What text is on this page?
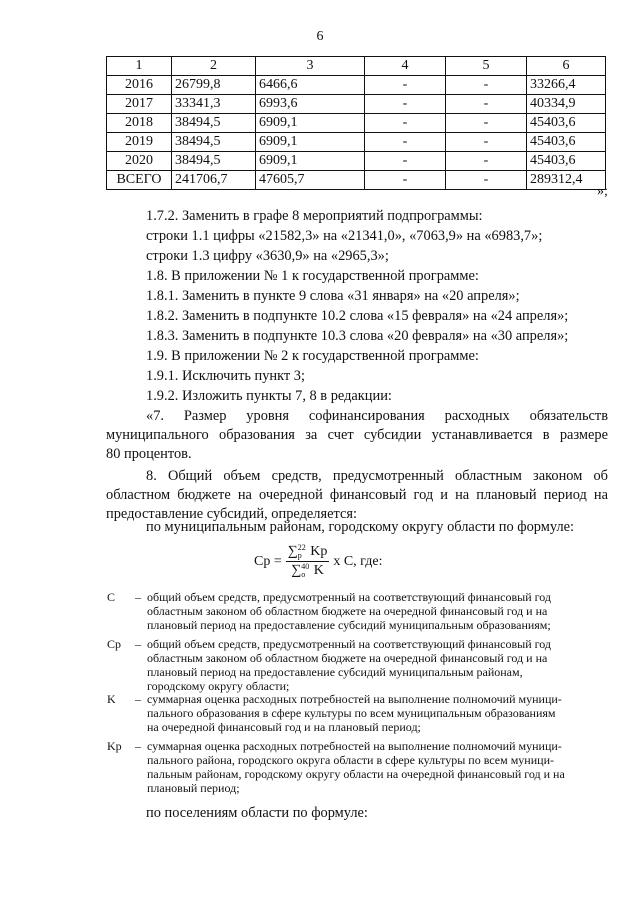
6
1	2	3	4	5	6
2016	26799,8	6466,6	-	-	33266,4
2017	33341,3	6993,6	-	-	40334,9
2018	38494,5	6909,1	-	-	45403,6
2019	38494,5	6909,1	-	-	45403,6
2020	38494,5	6909,1	-	-	45403,6
ВСЕГО	241706,7	47605,7	-	-	289312,4
»;
1.7.2. Заменить в графе 8 мероприятий подпрограммы:
строки 1.1 цифры «21582,3» на «21341,0», «7063,9» на «6983,7»;
строки 1.3 цифру «3630,9» на «2965,3»;
1.8. В приложении № 1 к государственной программе:
1.8.1. Заменить в пункте 9 слова «31 января» на «20 апреля»;
1.8.2. Заменить в подпункте 10.2 слова «15 февраля» на «24 апреля»;
1.8.3. Заменить в подпункте 10.3 слова «20 февраля» на «30 апреля»;
1.9. В приложении № 2 к государственной программе:
1.9.1. Исключить пункт 3;
1.9.2. Изложить пункты 7, 8 в редакции:
«7. Размер уровня софинансирования расходных обязательств
муниципального образования за счет субсидии устанавливается в размере
80 процентов.
8. Общий объем средств, предусмотренный областным законом об
областном бюджете на очередной финансовый год и на плановый период на
предоставление субсидий, определяется:
по муниципальным районам, городскому округу области по формуле:
Cp = ∑ 22
p Kp
∑ 40
o K x C, где:
C – общий объем средств, предусмотренный на соответствующий финансовый год
областным законом об областном бюджете на очередной финансовый год и на
плановый период на предоставление субсидий муниципальным образованиям;
Cp – общий объем средств, предусмотренный на соответствующий финансовый год
областным законом об областном бюджете на очередной финансовый год и на
плановый период на предоставление субсидий муниципальным районам,
городскому округу области;
K – суммарная оценка расходных потребностей на выполнение полномочий муници-
пального образования в сфере культуры по всем муниципальным образованиям
на очередной финансовый год и на плановый период;
Kp – суммарная оценка расходных потребностей на выполнение полномочий муници-
пального района, городского округа области в сфере культуры по всем муници-
пальным районам, городскому округу области на очередной финансовый год и на
плановый период;
по поселениям области по формуле:
